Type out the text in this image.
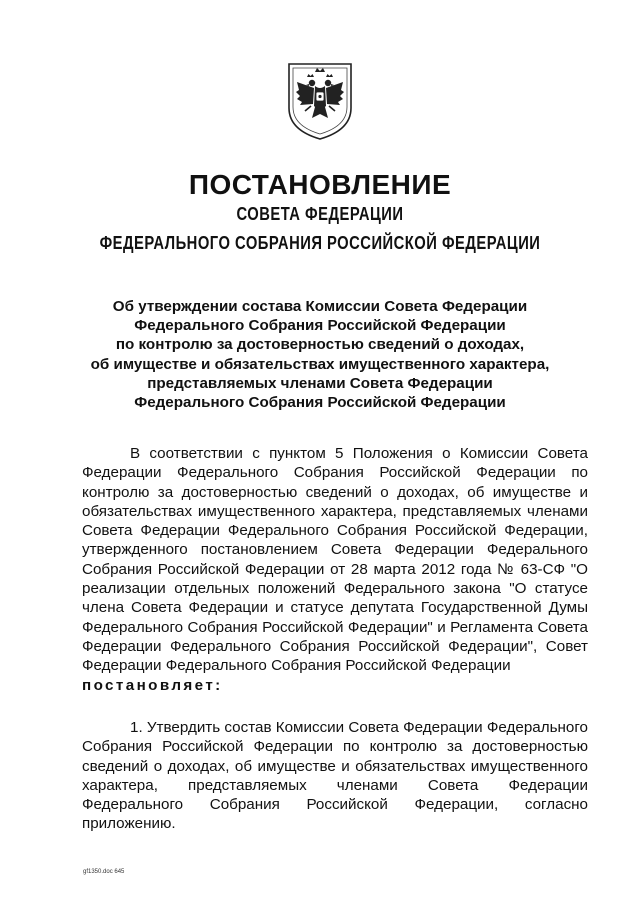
ПОСТАНОВЛЕНИЕ
СОВЕТА ФЕДЕРАЦИИ
ФЕДЕРАЛЬНОГО СОБРАНИЯ РОССИЙСКОЙ ФЕДЕРАЦИИ
Об утверждении состава Комиссии Совета Федерации
Федерального Собрания Российской Федерации
по контролю за достоверностью сведений о доходах,
об имуществе и обязательствах имущественного характера,
представляемых членами Совета Федерации
Федерального Собрания Российской Федерации
В соответствии с пунктом 5 Положения о Комиссии Совета Федерации Федерального Собрания Российской Федерации по контролю за достоверностью сведений о доходах, об имуществе и обязательствах имущественного характера, представляемых членами Совета Федерации Федерального Собрания Российской Федерации, утвержденного постановлением Совета Федерации Федерального Собрания Российской Федерации от 28 марта 2012 года № 63-СФ "О реализации отдельных положений Федерального закона "О статусе члена Совета Федерации и статусе депутата Государственной Думы Федерального Собрания Российской Федерации" и Регламента Совета Федерации Федерального Собрания Российской Федерации", Совет Федерации Федерального Собрания Российской Федерации
постановляет:
1. Утвердить состав Комиссии Совета Федерации Федерального Собрания Российской Федерации по контролю за достоверностью сведений о доходах, об имуществе и обязательствах имущественного характера, представляемых членами Совета Федерации Федерального Собрания Российской Федерации, согласно приложению.
gf1350.doc 645
